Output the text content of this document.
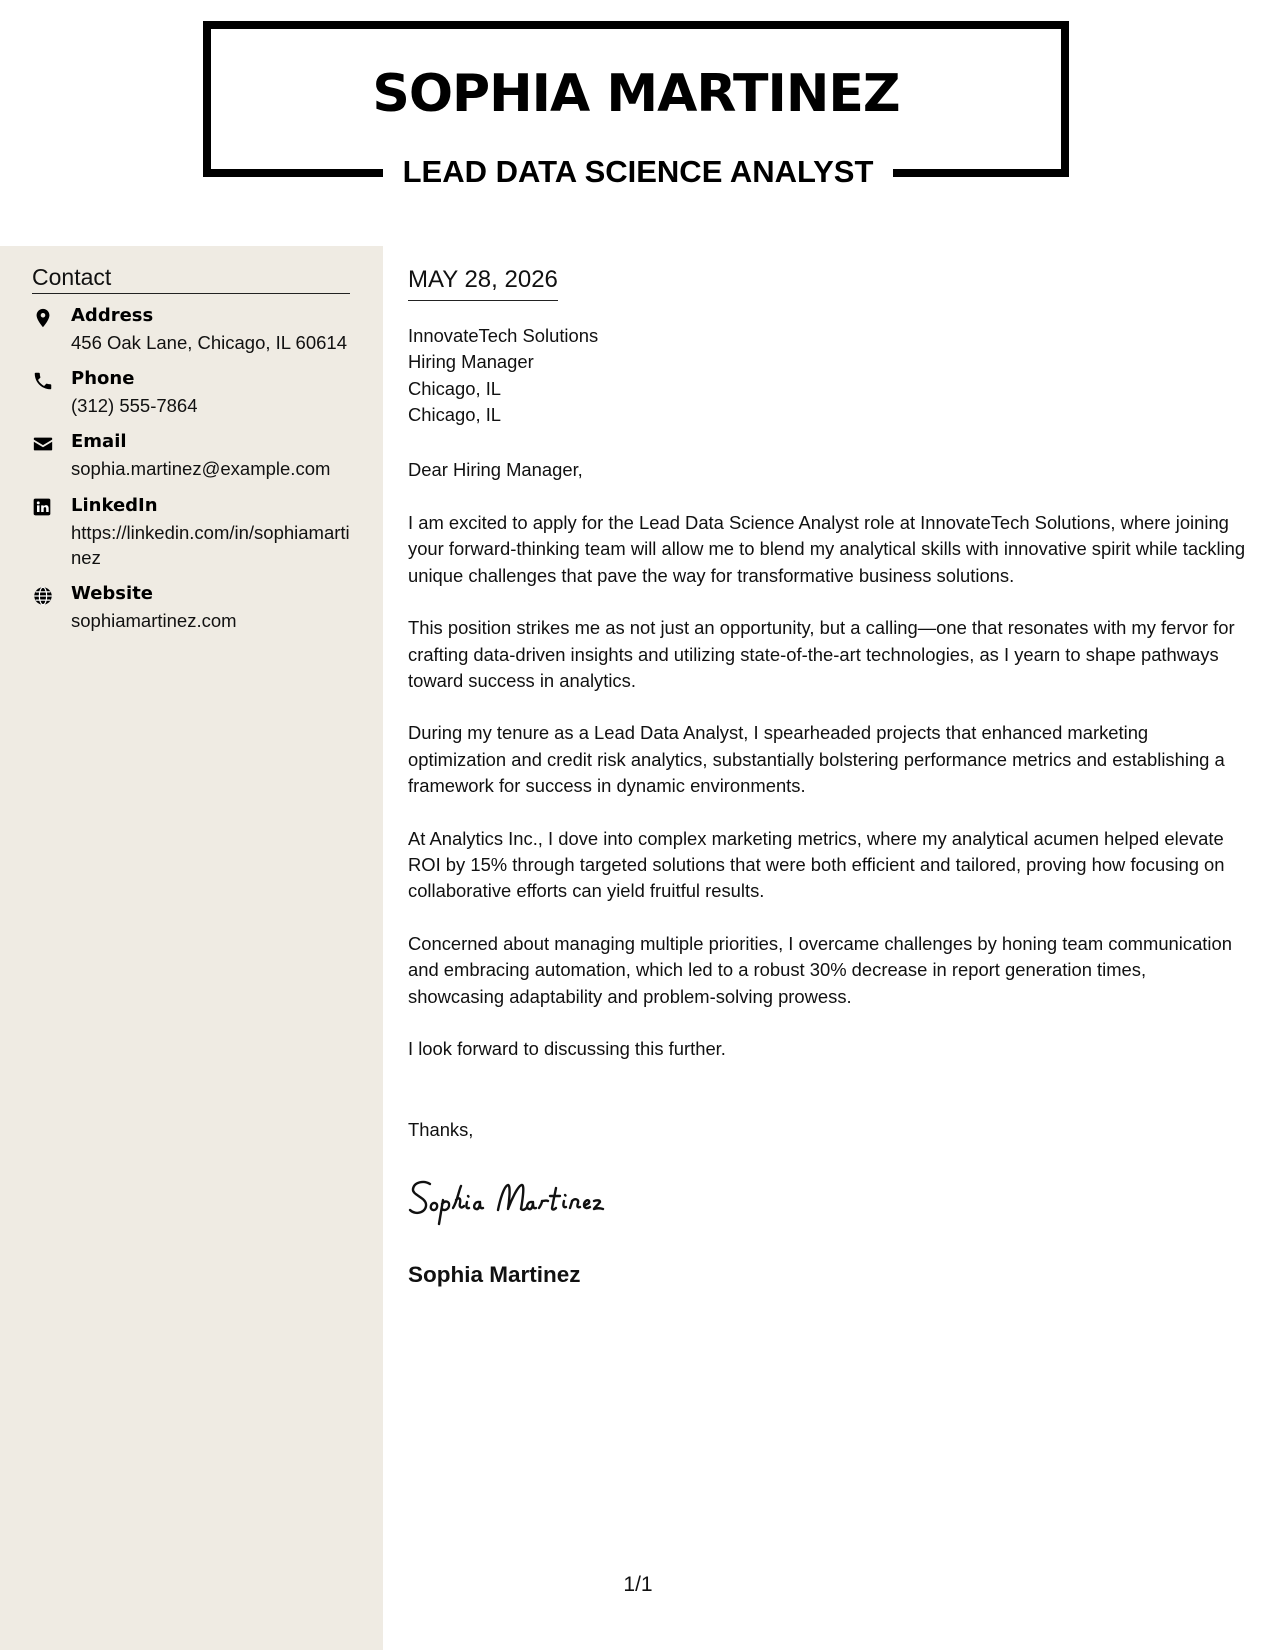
SOPHIA MARTINEZ
LEAD DATA SCIENCE ANALYST
Contact
Address
456 Oak Lane, Chicago, IL 60614
Phone
(312) 555-7864
Email
sophia.martinez@example.com
LinkedIn
https://linkedin.com/in/sophiamartinez
Website
sophiamartinez.com
MAY 28, 2026
InnovateTech Solutions
Hiring Manager
Chicago, IL
Chicago, IL
Dear Hiring Manager,

I am excited to apply for the Lead Data Science Analyst role at InnovateTech Solutions, where joining your forward-thinking team will allow me to blend my analytical skills with innovative spirit while tackling unique challenges that pave the way for transformative business solutions.

This position strikes me as not just an opportunity, but a calling—one that resonates with my fervor for crafting data-driven insights and utilizing state-of-the-art technologies, as I yearn to shape pathways toward success in analytics.

During my tenure as a Lead Data Analyst, I spearheaded projects that enhanced marketing optimization and credit risk analytics, substantially bolstering performance metrics and establishing a framework for success in dynamic environments.

At Analytics Inc., I dove into complex marketing metrics, where my analytical acumen helped elevate ROI by 15% through targeted solutions that were both efficient and tailored, proving how focusing on collaborative efforts can yield fruitful results.

Concerned about managing multiple priorities, I overcame challenges by honing team communication and embracing automation, which led to a robust 30% decrease in report generation times, showcasing adaptability and problem-solving prowess.

I look forward to discussing this further.

Thanks,
Sophia Martinez
1/1
